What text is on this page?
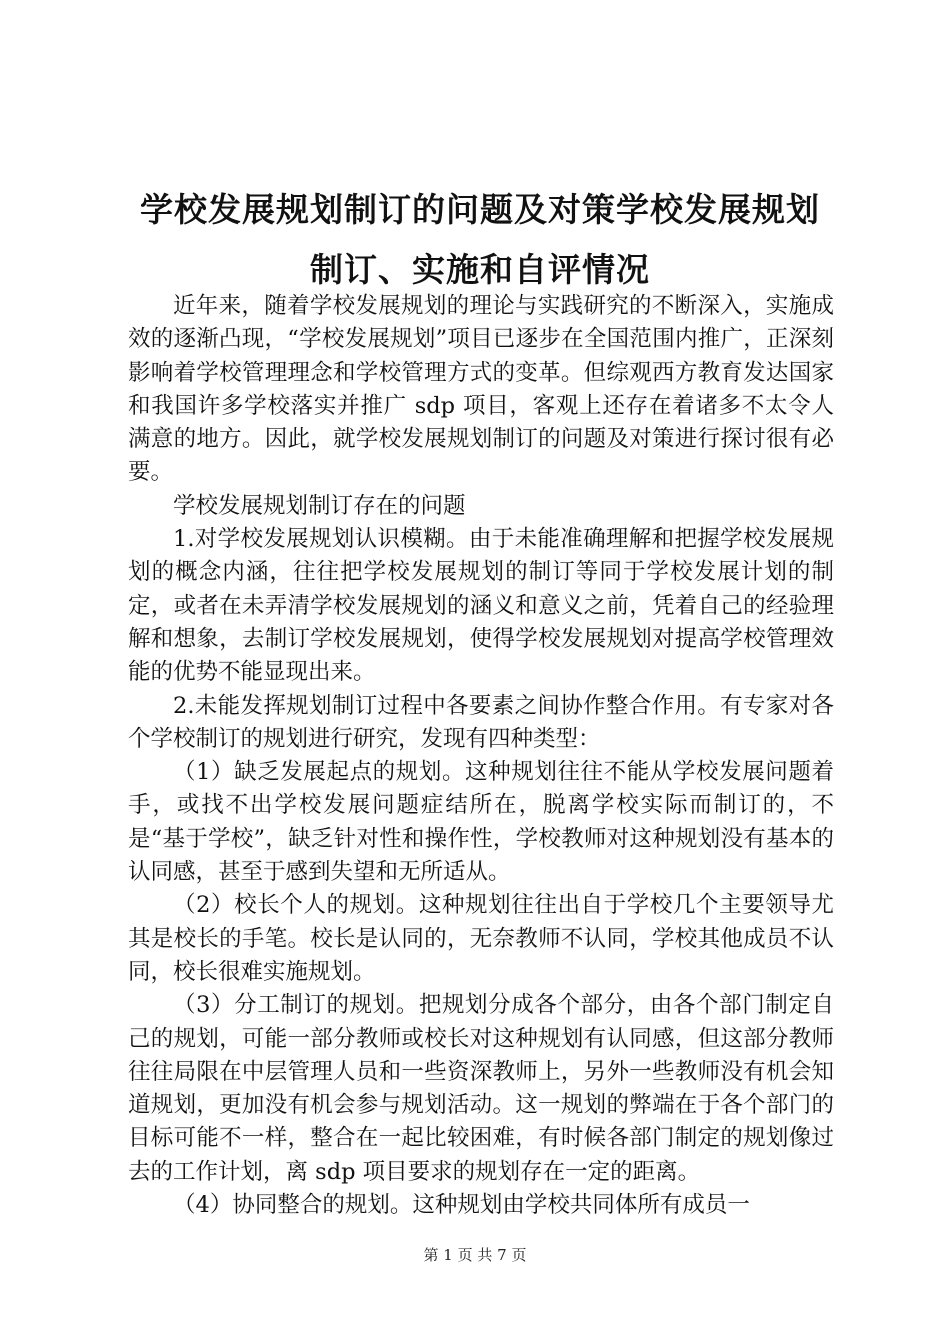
学校发展规划制订的问题及对策学校发展规划
制订、实施和自评情况

近年来，随着学校发展规划的理论与实践研究的不断深入，实施成效的逐渐凸现，“学校发展规划”项目已逐步在全国范围内推广，正深刻影响着学校管理理念和学校管理方式的变革。但综观西方教育发达国家和我国许多学校落实并推广 sdp 项目，客观上还存在着诸多不太令人满意的地方。因此，就学校发展规划制订的问题及对策进行探讨很有必要。

学校发展规划制订存在的问题

1.对学校发展规划认识模糊。由于未能准确理解和把握学校发展规划的概念内涵，往往把学校发展规划的制订等同于学校发展计划的制定，或者在未弄清学校发展规划的涵义和意义之前，凭着自己的经验理解和想象，去制订学校发展规划，使得学校发展规划对提高学校管理效能的优势不能显现出来。

2.未能发挥规划制订过程中各要素之间协作整合作用。有专家对各个学校制订的规划进行研究，发现有四种类型：

（1）缺乏发展起点的规划。这种规划往往不能从学校发展问题着手，或找不出学校发展问题症结所在，脱离学校实际而制订的，不是“基于学校”，缺乏针对性和操作性，学校教师对这种规划没有基本的认同感，甚至于感到失望和无所适从。

（2）校长个人的规划。这种规划往往出自于学校几个主要领导尤其是校长的手笔。校长是认同的，无奈教师不认同，学校其他成员不认同，校长很难实施规划。

（3）分工制订的规划。把规划分成各个部分，由各个部门制定自己的规划，可能一部分教师或校长对这种规划有认同感，但这部分教师往往局限在中层管理人员和一些资深教师上，另外一些教师没有机会知道规划，更加没有机会参与规划活动。这一规划的弊端在于各个部门的目标可能不一样，整合在一起比较困难，有时候各部门制定的规划像过去的工作计划，离 sdp 项目要求的规划存在一定的距离。

（4）协同整合的规划。这种规划由学校共同体所有成员一

第 1 页 共 7 页
